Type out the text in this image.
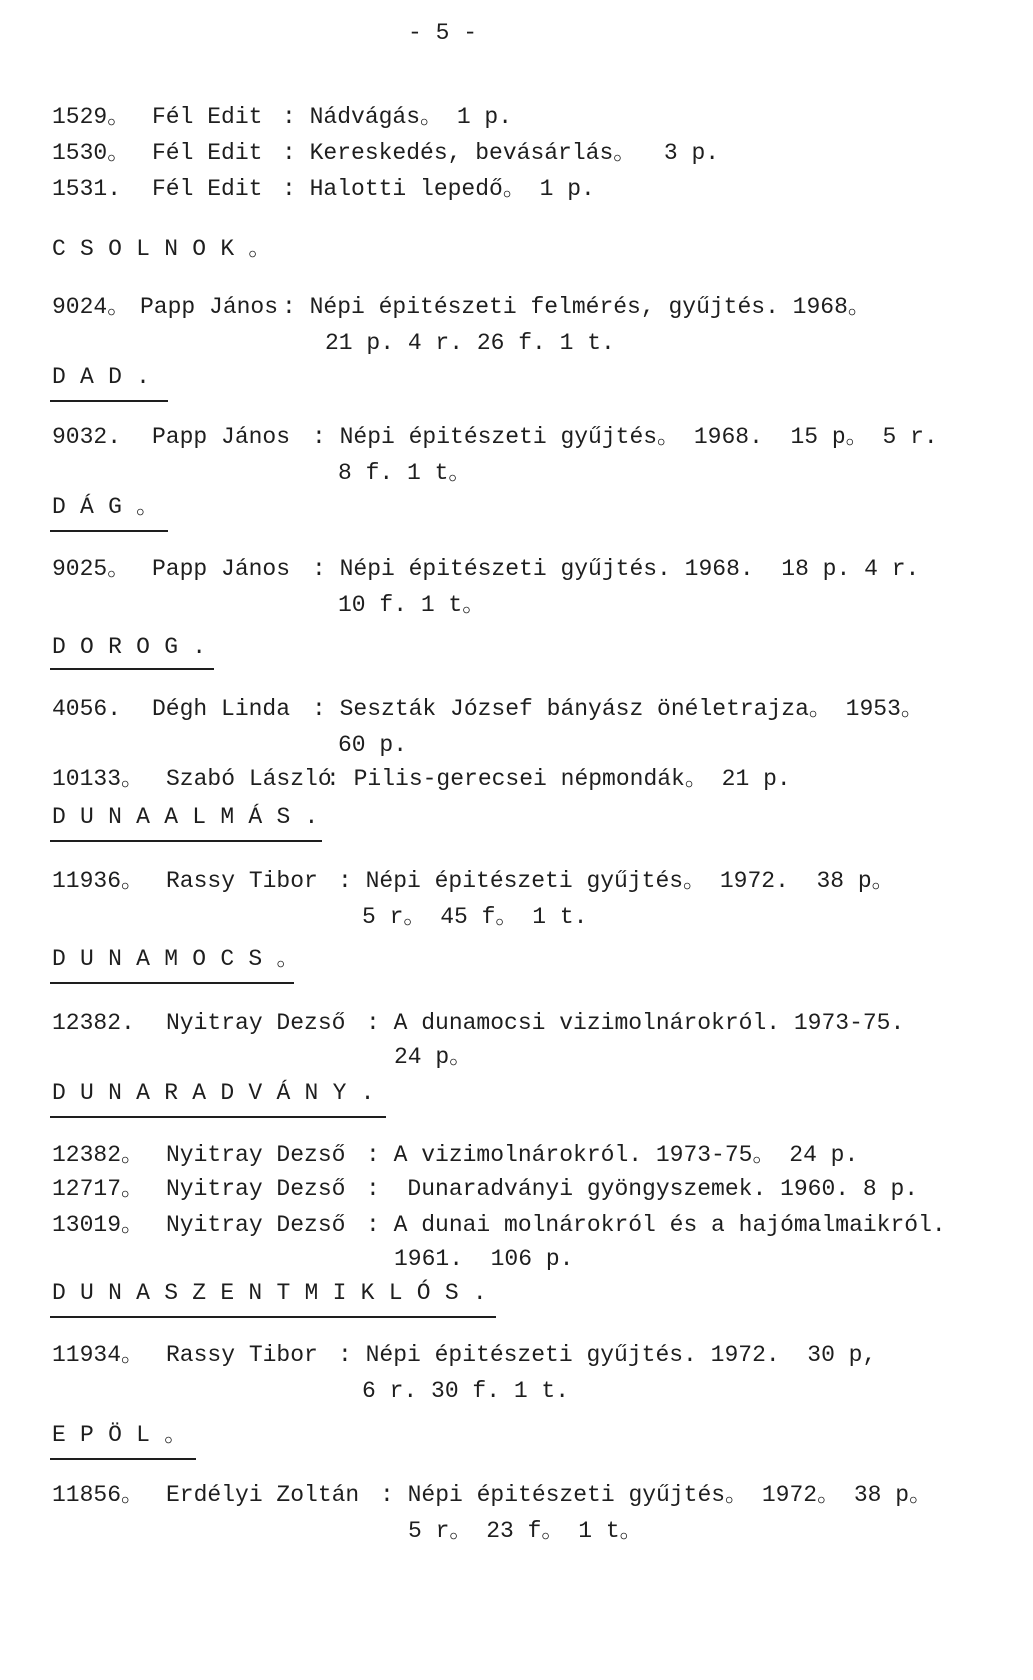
- 5 -
1529。 Fél Edit : Nádvágás。 1 p.
1530。 Fél Edit : Kereskedés, bevásárlás。  3 p.
1531. Fél Edit : Halotti lepedő。 1 p.
CSOLNOK。
9024。 Papp János : Népi épitészeti felmérés, gyűjtés. 1968。
21 p. 4 r. 26 f. 1 t.
DAD.
9032. Papp János : Népi épitészeti gyűjtés。 1968.  15 p。 5 r.
8 f. 1 t。
DÁG。
9025。 Papp János : Népi épitészeti gyűjtés. 1968.  18 p. 4 r.
10 f. 1 t。
DOROG.
4056. Dégh Linda : Seszták József bányász önéletrajza。 1953。
60 p.
10133。 Szabó László
: Pilis-gerecsei népmondák。 21 p.
DUNAALMÁS.
11936。 Rassy Tibor : Népi épitészeti gyűjtés。 1972.  38 p。
5 r。 45 f。 1 t.
DUNAMOCS。
12382. Nyitray Dezső : A dunamocsi vizimolnárokról. 1973-75.
24 p。
DUNARADVÁNY.
12382。 Nyitray Dezső : A vizimolnárokról. 1973-75。 24 p.
12717。 Nyitray Dezső :  Dunaradványi gyöngyszemek. 1960. 8 p.
13019。 Nyitray Dezső : A dunai molnárokról és a hajómalmaikról.
1961.  106 p.
DUNASZENTMIKLÓS.
11934。 Rassy Tibor : Népi épitészeti gyűjtés. 1972.  30 p,
6 r. 30 f. 1 t.
EPÖL。
11856。 Erdélyi Zoltán : Népi épitészeti gyűjtés。 1972。 38 p。
5 r。 23 f。 1 t。
